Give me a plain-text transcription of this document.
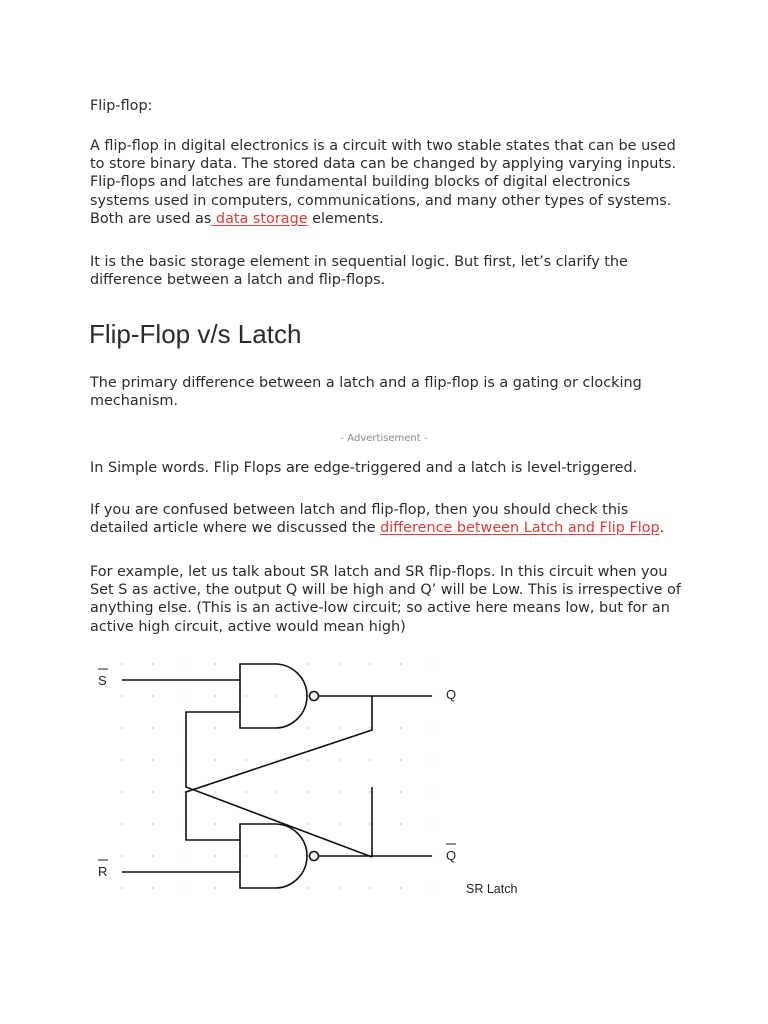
Flip-flop:

A flip-flop in digital electronics is a circuit with two stable states that can be used to store binary data. The stored data can be changed by applying varying inputs. Flip-flops and latches are fundamental building blocks of digital electronics systems used in computers, communications, and many other types of systems. Both are used as data storage elements.

It is the basic storage element in sequential logic. But first, let’s clarify the difference between a latch and flip-flops.

Flip-Flop v/s Latch

The primary difference between a latch and a flip-flop is a gating or clocking mechanism.

- Advertisement -

In Simple words. Flip Flops are edge-triggered and a latch is level-triggered.

If you are confused between latch and flip-flop, then you should check this detailed article where we discussed the difference between Latch and Flip Flop.

For example, let us talk about SR latch and SR flip-flops. In this circuit when you Set S as active, the output Q will be high and Q’ will be Low. This is irrespective of anything else. (This is an active-low circuit; so active here means low, but for an active high circuit, active would mean high)

S
R
Q
Q
SR Latch
